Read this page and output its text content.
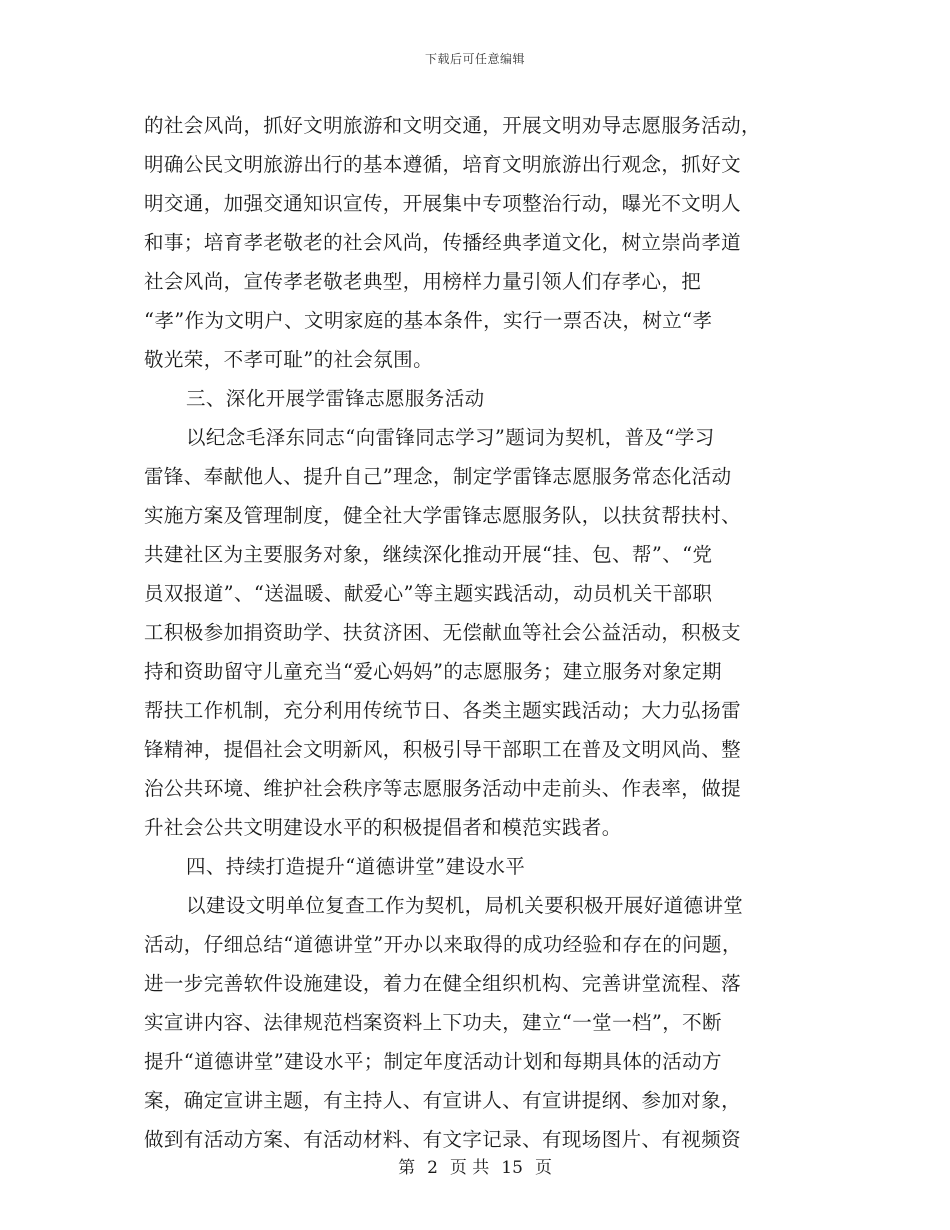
下载后可任意编辑
的社会风尚，抓好文明旅游和文明交通，开展文明劝导志愿服务活动，
明确公民文明旅游出行的基本遵循，培育文明旅游出行观念，抓好文
明交通，加强交通知识宣传，开展集中专项整治行动，曝光不文明人
和事；培育孝老敬老的社会风尚，传播经典孝道文化，树立崇尚孝道
社会风尚，宣传孝老敬老典型，用榜样力量引领人们存孝心，把
“孝”作为文明户、文明家庭的基本条件，实行一票否决，树立“孝
敬光荣，不孝可耻”的社会氛围。
三、深化开展学雷锋志愿服务活动
以纪念毛泽东同志“向雷锋同志学习”题词为契机，普及“学习
雷锋、奉献他人、提升自己”理念，制定学雷锋志愿服务常态化活动
实施方案及管理制度，健全社大学雷锋志愿服务队，以扶贫帮扶村、
共建社区为主要服务对象，继续深化推动开展“挂、包、帮”、“党
员双报道”、“送温暖、献爱心”等主题实践活动，动员机关干部职
工积极参加捐资助学、扶贫济困、无偿献血等社会公益活动，积极支
持和资助留守儿童充当“爱心妈妈”的志愿服务；建立服务对象定期
帮扶工作机制，充分利用传统节日、各类主题实践活动；大力弘扬雷
锋精神，提倡社会文明新风，积极引导干部职工在普及文明风尚、整
治公共环境、维护社会秩序等志愿服务活动中走前头、作表率，做提
升社会公共文明建设水平的积极提倡者和模范实践者。
四、持续打造提升“道德讲堂”建设水平
以建设文明单位复查工作为契机，局机关要积极开展好道德讲堂
活动，仔细总结“道德讲堂”开办以来取得的成功经验和存在的问题，
进一步完善软件设施建设，着力在健全组织机构、完善讲堂流程、落
实宣讲内容、法律规范档案资料上下功夫，建立“一堂一档”，不断
提升“道德讲堂”建设水平；制定年度活动计划和每期具体的活动方
案，确定宣讲主题，有主持人、有宣讲人、有宣讲提纲、参加对象，
做到有活动方案、有活动材料、有文字记录、有现场图片、有视频资
第 2 页 共 15 页
